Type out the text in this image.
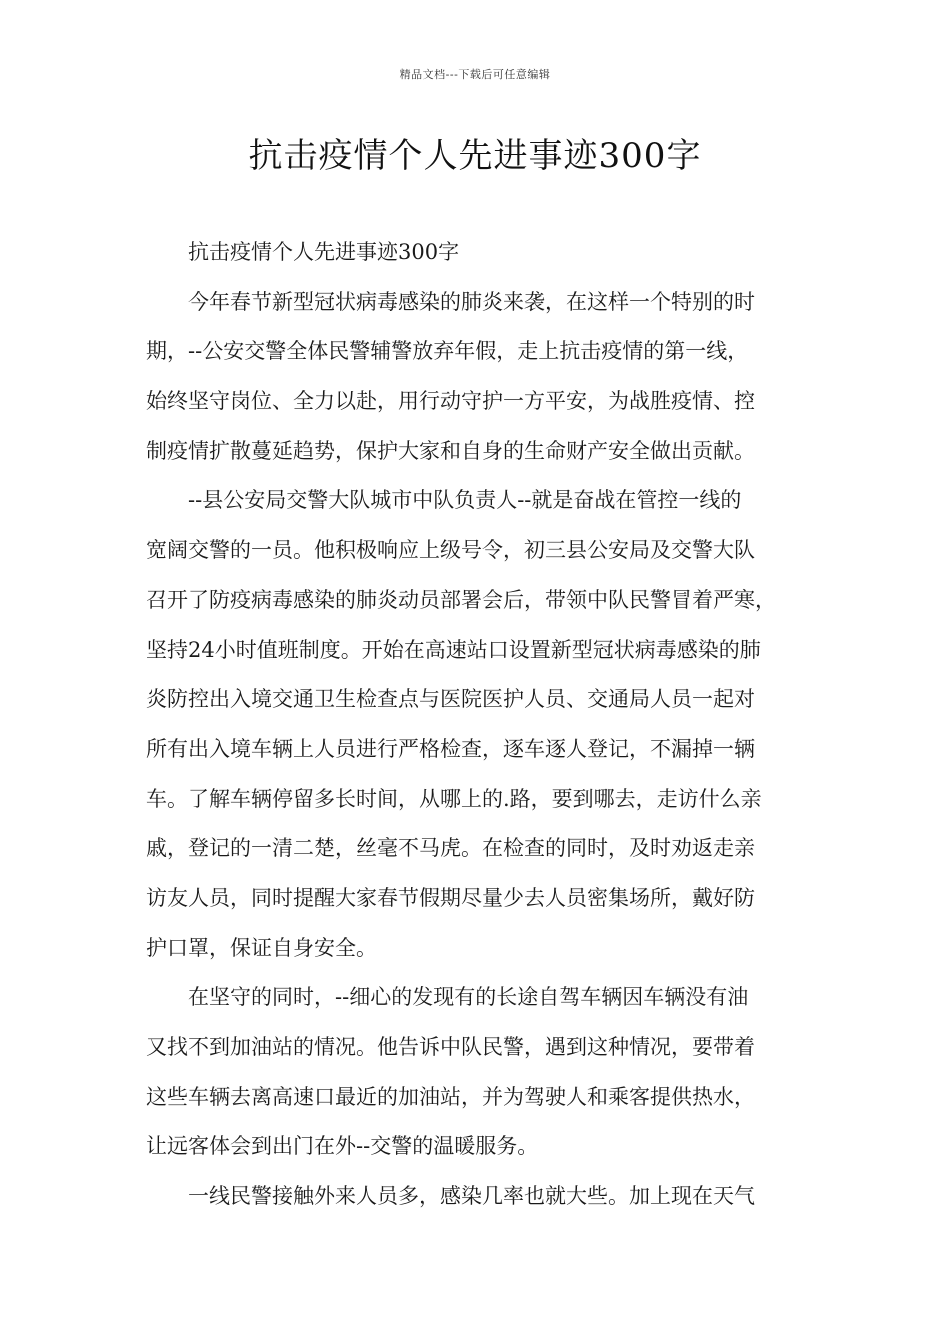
精品文档---下载后可任意编辑
抗击疫情个人先进事迹300字
抗击疫情个人先进事迹300字
今年春节新型冠状病毒感染的肺炎来袭，在这样一个特别的时
期，--公安交警全体民警辅警放弃年假，走上抗击疫情的第一线，
始终坚守岗位、全力以赴，用行动守护一方平安，为战胜疫情、控
制疫情扩散蔓延趋势，保护大家和自身的生命财产安全做出贡献。
--县公安局交警大队城市中队负责人--就是奋战在管控一线的
宽阔交警的一员。他积极响应上级号令，初三县公安局及交警大队
召开了防疫病毒感染的肺炎动员部署会后，带领中队民警冒着严寒，
坚持24小时值班制度。开始在高速站口设置新型冠状病毒感染的肺
炎防控出入境交通卫生检查点与医院医护人员、交通局人员一起对
所有出入境车辆上人员进行严格检查，逐车逐人登记，不漏掉一辆
车。了解车辆停留多长时间，从哪上的.路，要到哪去，走访什么亲
戚，登记的一清二楚，丝毫不马虎。在检查的同时，及时劝返走亲
访友人员，同时提醒大家春节假期尽量少去人员密集场所，戴好防
护口罩，保证自身安全。
在坚守的同时，--细心的发现有的长途自驾车辆因车辆没有油
又找不到加油站的情况。他告诉中队民警，遇到这种情况，要带着
这些车辆去离高速口最近的加油站，并为驾驶人和乘客提供热水，
让远客体会到出门在外--交警的温暖服务。
一线民警接触外来人员多，感染几率也就大些。加上现在天气
